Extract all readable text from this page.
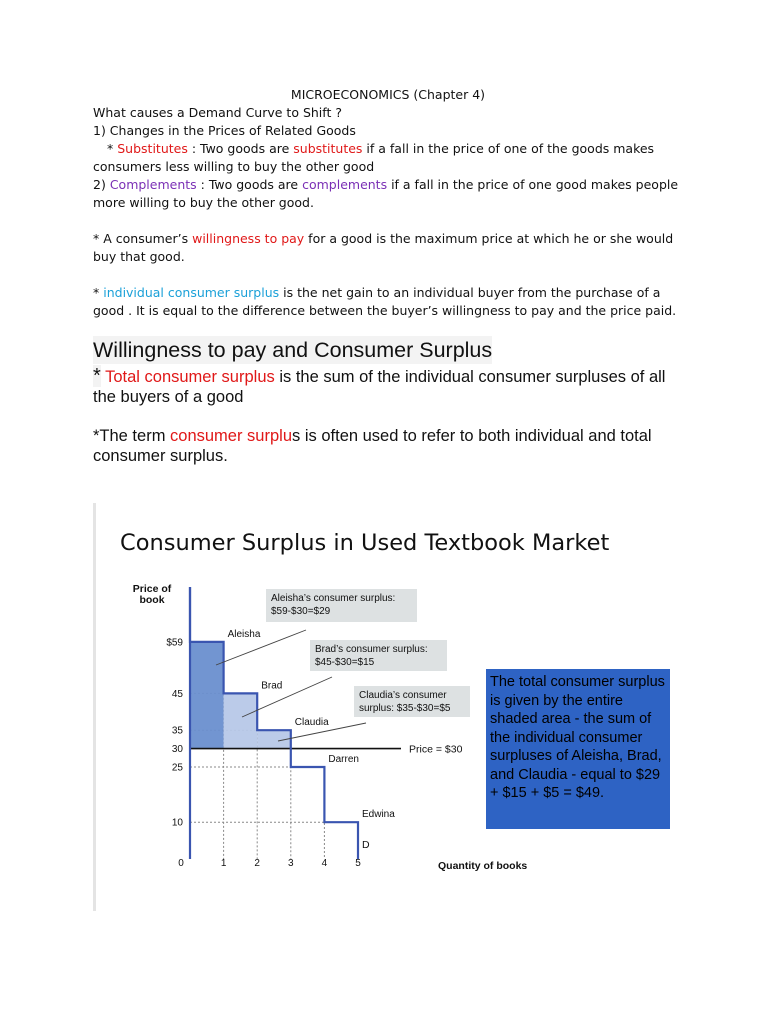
MICROECONOMICS (Chapter 4)

What causes a Demand Curve to Shift ?

1) Changes in the Prices of Related Goods

* Substitutes : Two goods are substitutes if a fall in the price of one of the goods makes consumers less willing to buy the other good

2) Complements : Two goods are complements if a fall in the price of one good makes people more willing to buy the other good.

* A consumer’s willingness to pay for a good is the maximum price at which he or she would buy that good.

* individual consumer surplus is the net gain to an individual buyer from the purchase of a good . It is equal to the difference between the buyer’s willingness to pay and the price paid.

Willingness to pay and Consumer Surplus

* Total consumer surplus is the sum of the individual consumer surpluses of all the buyers of a good

*The term consumer surplus is often used to refer to both individual and total consumer surplus.

Consumer Surplus in Used Textbook Market
Price of
book
Quantity of books
Price = $30
Aleisha
Brad
Claudia
Darren
Edwina
D
$59
45
35
30
25
10
0	1	2	3	4	5
Aleisha’s consumer surplus:
$59-$30=$29
Brad’s consumer surplus:
$45-$30=$15
Claudia’s consumer
surplus: $35-$30=$5
The total consumer surplus is given by the entire shaded area - the sum of the individual consumer surpluses of Aleisha, Brad, and Claudia - equal to $29 + $15 + $5 = $49.
